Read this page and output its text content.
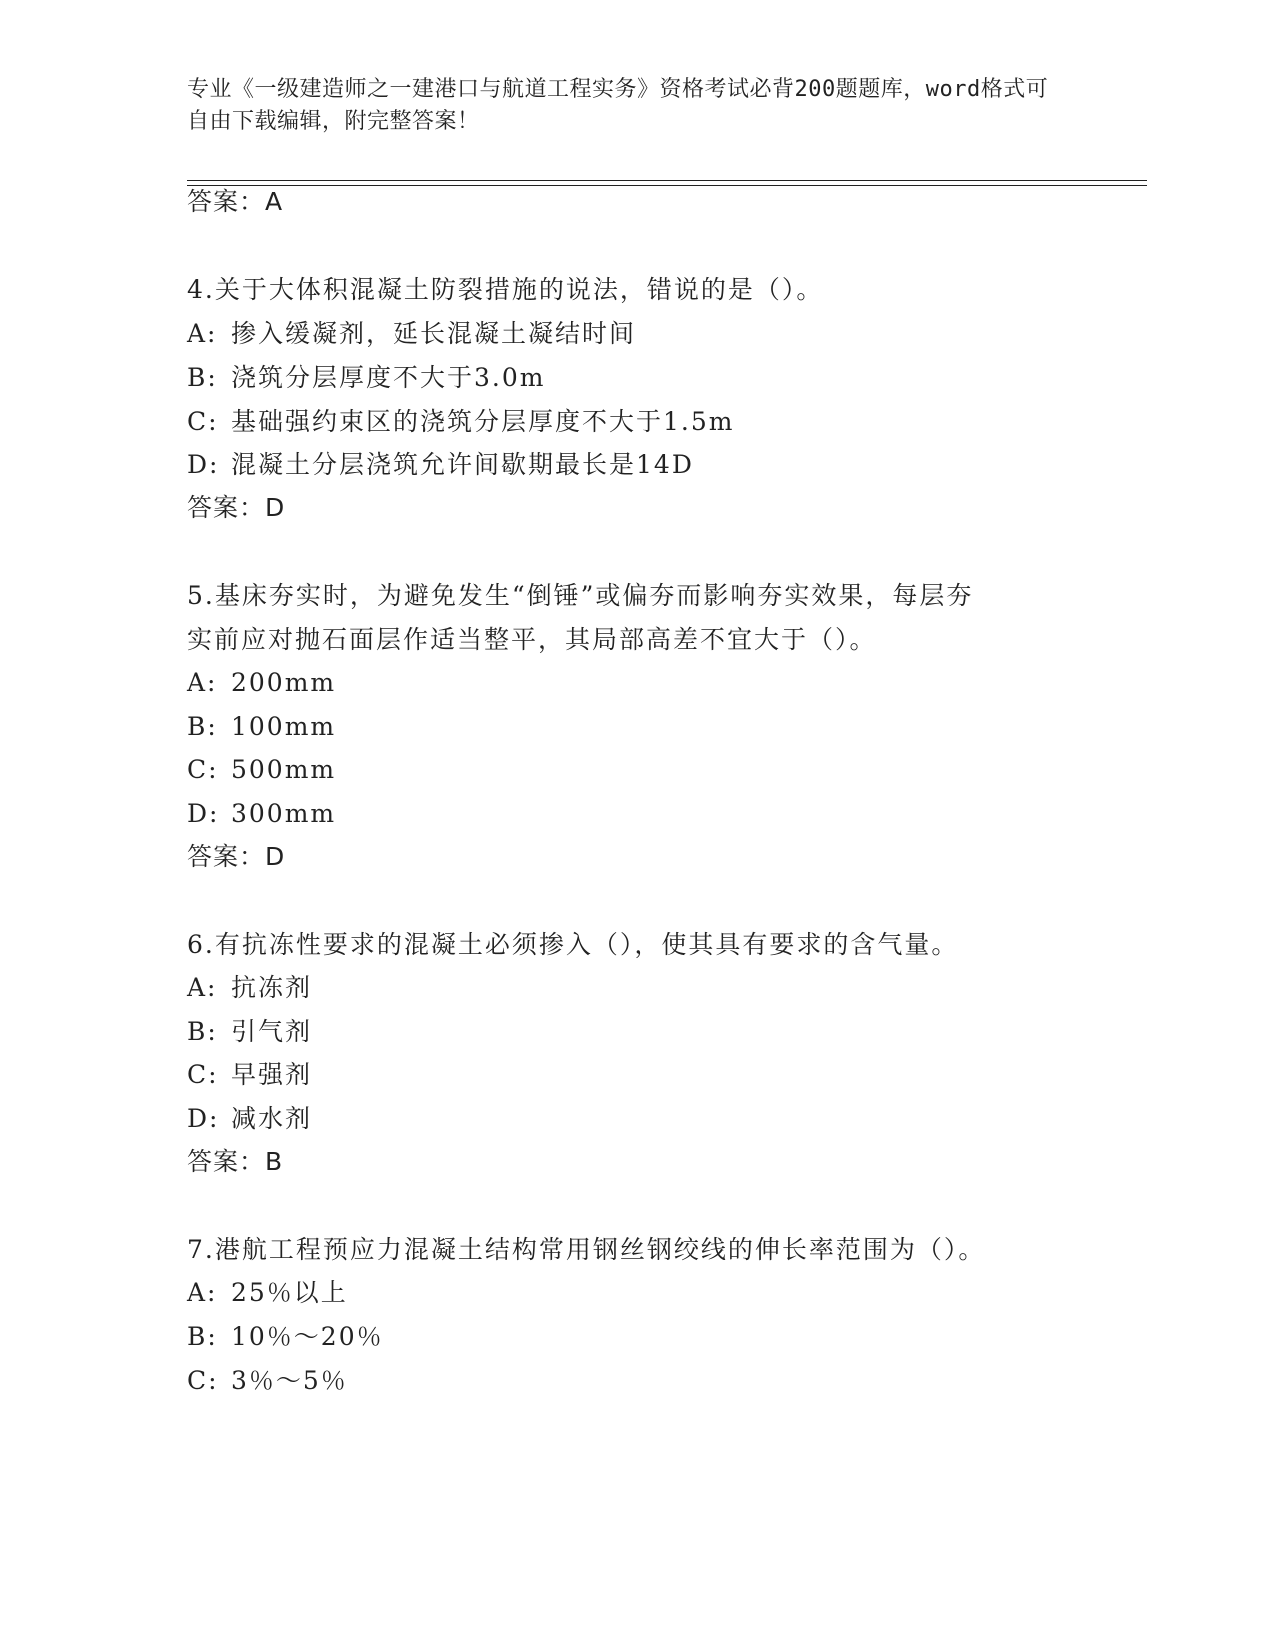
专业《一级建造师之一建港口与航道工程实务》资格考试必背200题题库，word格式可自由下载编辑，附完整答案！
答案：A
4.关于大体积混凝土防裂措施的说法，错说的是（）。
A: 掺入缓凝剂，延长混凝土凝结时间
B: 浇筑分层厚度不大于3.0m
C: 基础强约束区的浇筑分层厚度不大于1.5m
D: 混凝土分层浇筑允许间歇期最长是14D
答案：D
5.基床夯实时，为避免发生“倒锤”或偏夯而影响夯实效果，每层夯
实前应对抛石面层作适当整平，其局部高差不宜大于（）。
A: 200mm
B: 100mm
C: 500mm
D: 300mm
答案：D
6.有抗冻性要求的混凝土必须掺入（），使其具有要求的含气量。
A: 抗冻剂
B: 引气剂
C: 早强剂
D: 减水剂
答案：B
7.港航工程预应力混凝土结构常用钢丝钢绞线的伸长率范围为（）。
A: 25％以上
B: 10％～20％
C: 3％～5％
